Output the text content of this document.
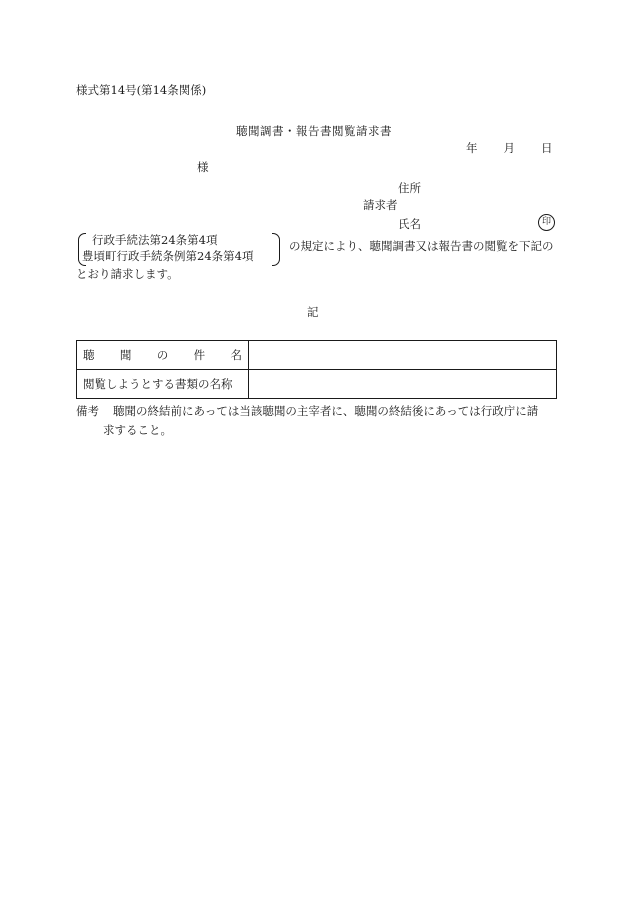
様式第14号(第14条関係)
聴聞調書・報告書閲覧請求書
年 月 日
様
住所
請求者
氏名	印
行政手続法第24条第4項
豊頃町行政手続条例第24条第4項
の規定により、聴聞調書又は報告書の閲覧を下記の
とおり請求します。
記
聴 聞 の 件 名	

閲覧しようとする書類の名称	
備考 聴聞の終結前にあっては当該聴聞の主宰者に、聴聞の終結後にあっては行政庁に請
求すること。
